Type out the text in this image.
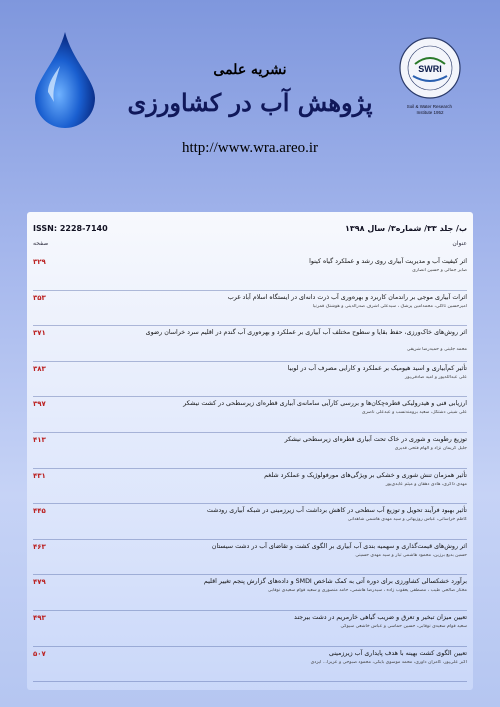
SWRI
Soil & Water Research Institute 1952
نشریه علمی
پژوهش آب در کشاورزی
http://www.wra.areo.ir
ISSN: 2228-7140	ب/ جلد ۳۳/ شماره۳/ سال ۱۳۹۸
عنوان
صفحه
اثر کیفیت آب و مدیریت آبیاری روی رشد و عملکرد گیاه کینوا
صابر جمالی و حسین انصاری
۳۲۹
اثرات آبیاری موجی بر راندمان کاربرد و بهره‌وری آب ذرت دانه‌ای در ایستگاه اسلام آباد غرب
امیرحسین تاکلی، محمدامین پزشک ، سیدعلی اشرف صدرالدینی و هوشنگ قمرنیا
۳۵۳
اثر روش‌های خاک‌ورزی، حفظ بقایا و سطوح مختلف آب آبیاری بر عملکرد و بهره‌وری آب گندم در اقلیم سرد خراسان رضوی
محمد جلینی و حمیدرضا شریفی
۳۷۱
تأثیر کم‌آبیاری و اسید هیومیک بر عملکرد و کارایی مصرف آب در لوبیا
علی عبدالله‌پور و امید صادقی‌پور
۳۸۳
ارزیابی فنی و هیدرولیکی قطره‌چکان‌ها و بررسی کارآیی سامانه‌ی آبیاری قطره‌ای زیرسطحی در کشت نیشکر
علی شینی دشتگل، سعید برومندنسب و عبدعلی ناصری
۳۹۷
توزیع رطوبت و شوری در خاک تحت آبیاری قطره‌ای زیرسطحی نیشکر
جلیل کریمان نژاد و الهام فتحی قدیری
۴۱۳
تأثیر همزمان تنش شوری و خشکی بر ویژگی‌های مورفولوژیک و عملکرد شلغم
مهدی ذاکری، هادی دهقان و میثم عابدی‌پور
۴۳۱
تأثیر بهبود فرآیند تحویل و توزیع آب سطحی در کاهش برداشت آب زیرزمینی در شبکه آبیاری رودشت
کاظم خراسانی، عباس روزبهانی و سید مهدی هاشمی شاهدانی
۴۴۵
اثر روش‌های قیمت‌گذاری و سهمیه بندی آب آبیاری بر الگوی کشت و تقاضای آب در دشت سیستان
حسین بدیع برزین، محمود هاشمی تبار و سید مهدی حسینی
۴۶۳
برآورد خشکسالی کشاورزی برای دوره آتی به کمک شاخص SMDI و داده‌های گزارش پنجم تغییر اقلیم
مختار صالحی طیب ، مصطفی یعقوب زاده ، سیدرضا هاشمی، حامد منصوری و سعید قوام سعیدی نوقابی
۴۷۹
تعیین میزان تبخیر و تعرق و ضریب گیاهی خارمریم در دشت بیرجند
سعید قوام سعیدی نوقابی، حسین حماسی و عباس خاشعی سیوکی
۴۹۳
تعیین الگوی کشت بهینه با هدف پایداری آب زیرزمینی
اکبر علی‌پور، کامران داوری، محمد موسوی بایگی، محمود صبوحی و عزیزا... ایزدی
۵۰۷
